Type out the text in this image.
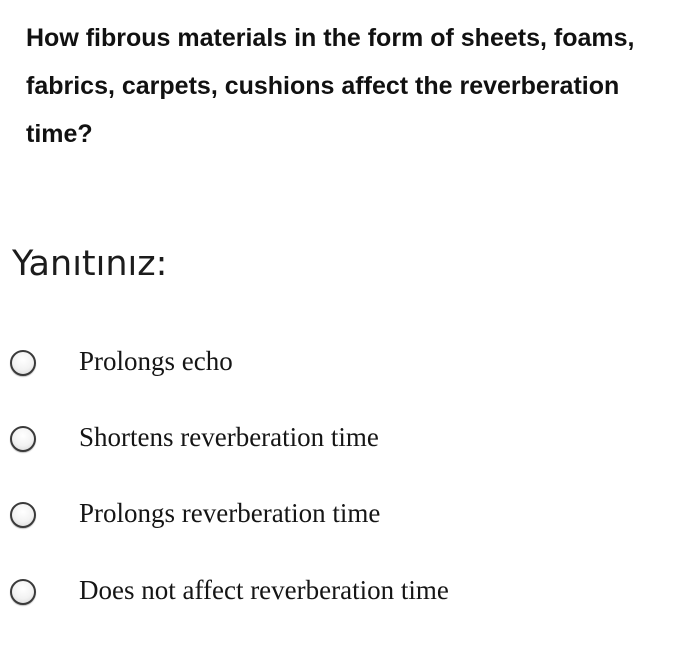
How fibrous materials in the form of sheets, foams, fabrics, carpets, cushions affect the reverberation time?

Yanıtınız:
Prolongs echo
Shortens reverberation time
Prolongs reverberation time
Does not affect reverberation time
